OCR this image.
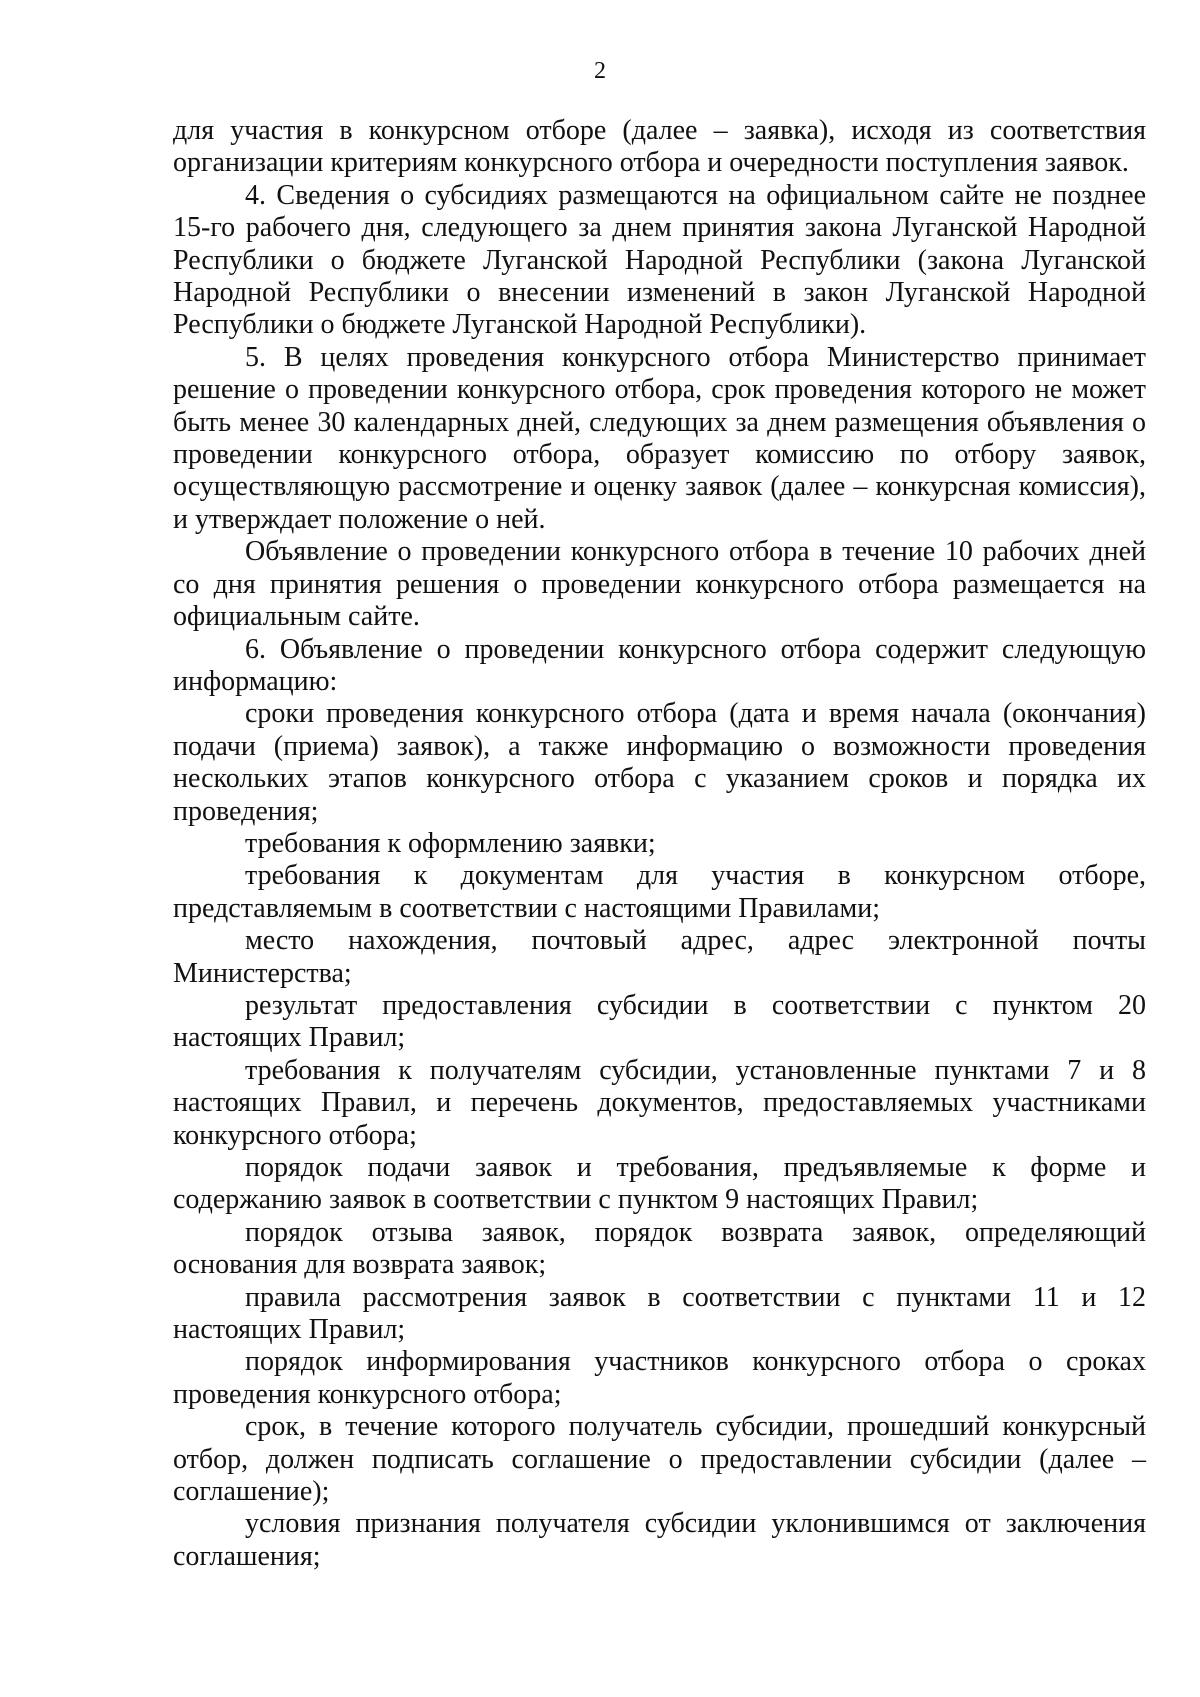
2

для участия в конкурсном отборе (далее – заявка), исходя из соответствия организации критериям конкурсного отбора и очередности поступления заявок.

4. Сведения о субсидиях размещаются на официальном сайте не позднее 15-го рабочего дня, следующего за днем принятия закона Луганской Народной Республики о бюджете Луганской Народной Республики (закона Луганской Народной Республики о внесении изменений в закон Луганской Народной Республики о бюджете Луганской Народной Республики).

5. В целях проведения конкурсного отбора Министерство принимает решение о проведении конкурсного отбора, срок проведения которого не может быть менее 30 календарных дней, следующих за днем размещения объявления о проведении конкурсного отбора, образует комиссию по отбору заявок, осуществляющую рассмотрение и оценку заявок (далее – конкурсная комиссия), и утверждает положение о ней.

Объявление о проведении конкурсного отбора в течение 10 рабочих дней со дня принятия решения о проведении конкурсного отбора размещается на официальным сайте.

6. Объявление о проведении конкурсного отбора содержит следующую информацию:

сроки проведения конкурсного отбора (дата и время начала (окончания) подачи (приема) заявок), а также информацию о возможности проведения нескольких этапов конкурсного отбора с указанием сроков и порядка их проведения;

требования к оформлению заявки;

требования к документам для участия в конкурсном отборе, представляемым в соответствии с настоящими Правилами;

место нахождения, почтовый адрес, адрес электронной почты Министерства;

результат предоставления субсидии в соответствии с пунктом 20 настоящих Правил;

требования к получателям субсидии, установленные пунктами 7 и 8 настоящих Правил, и перечень документов, предоставляемых участниками конкурсного отбора;

порядок подачи заявок и требования, предъявляемые к форме и содержанию заявок в соответствии с пунктом 9 настоящих Правил;

порядок отзыва заявок, порядок возврата заявок, определяющий основания для возврата заявок;

правила рассмотрения заявок в соответствии с пунктами 11 и 12 настоящих Правил;

порядок информирования участников конкурсного отбора о сроках проведения конкурсного отбора;

срок, в течение которого получатель субсидии, прошедший конкурсный отбор, должен подписать соглашение о предоставлении субсидии (далее – соглашение);

условия признания получателя субсидии уклонившимся от заключения соглашения;
